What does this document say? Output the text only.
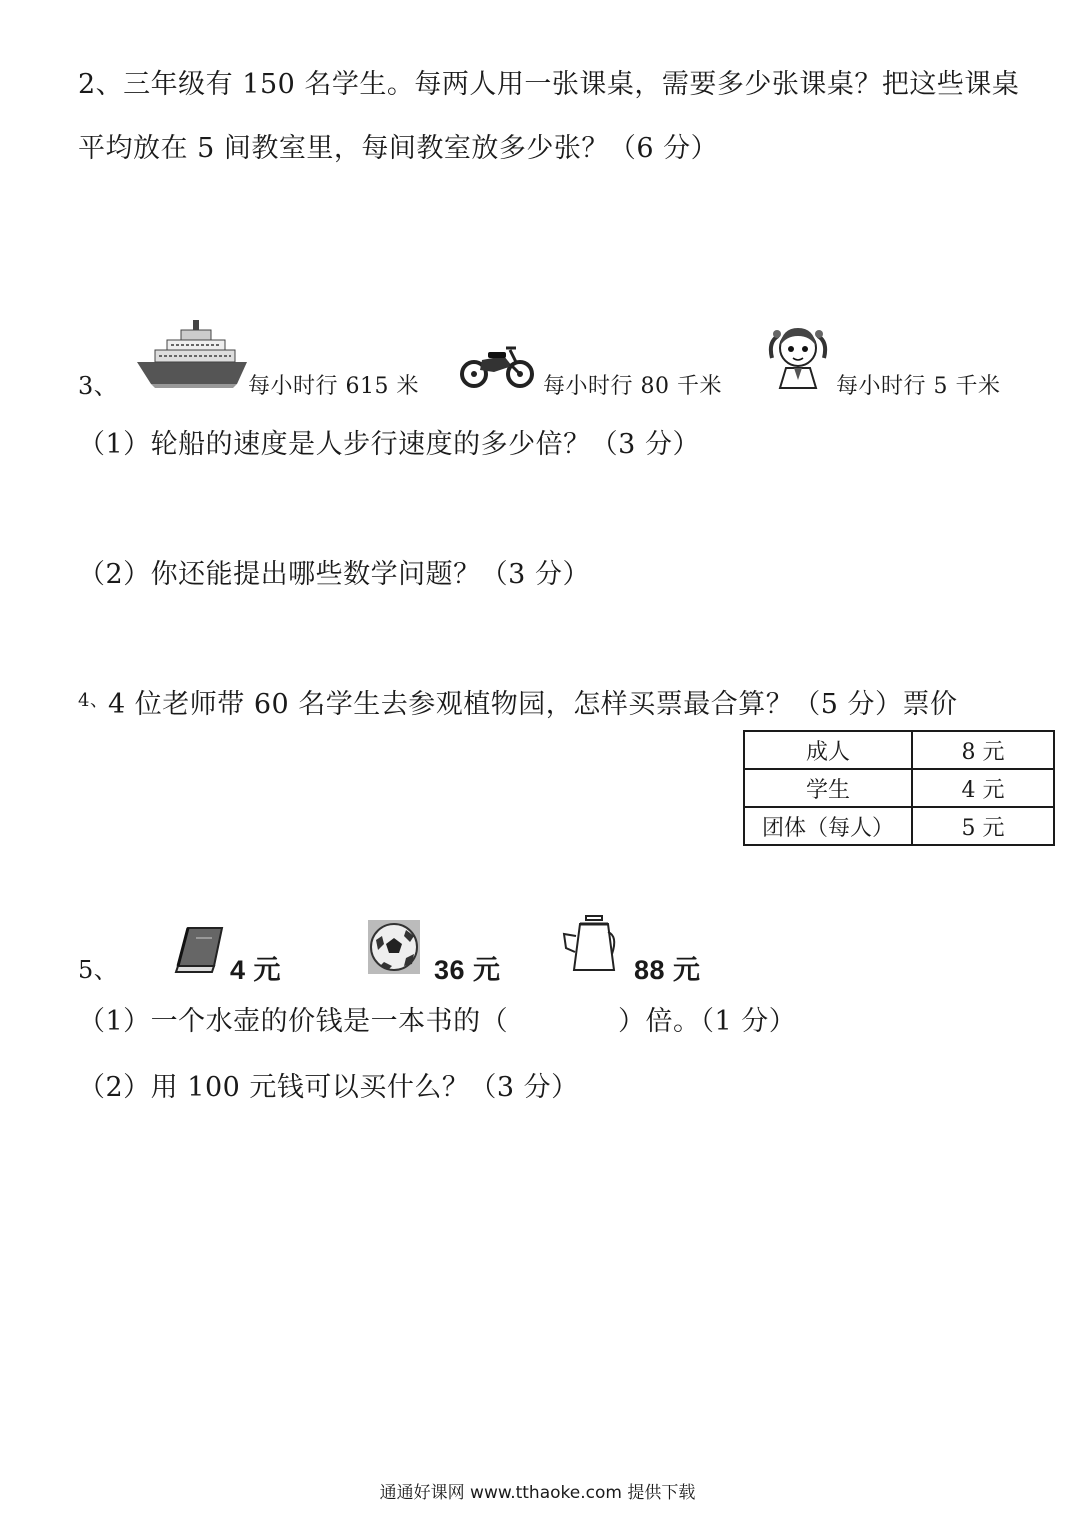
2、三年级有 150 名学生。每两人用一张课桌，需要多少张课桌？把这些课桌
平均放在 5 间教室里，每间教室放多少张？（6 分）
3、	每小时行 615 米	每小时行 80 千米	每小时行 5 千米
（1）轮船的速度是人步行速度的多少倍？（3 分）
（2）你还能提出哪些数学问题？（3 分）
4、 4 位老师带 60 名学生去参观植物园，怎样买票最合算？（5 分）票价
成人	8 元
学生	4 元
团体（每人）	5 元
5、	4 元	36 元	88 元
（1）一个水壶的价钱是一本书的（	）倍。（1 分）
（2）用 100 元钱可以买什么？（3 分）
通通好课网 www.tthaoke.com 提供下载
